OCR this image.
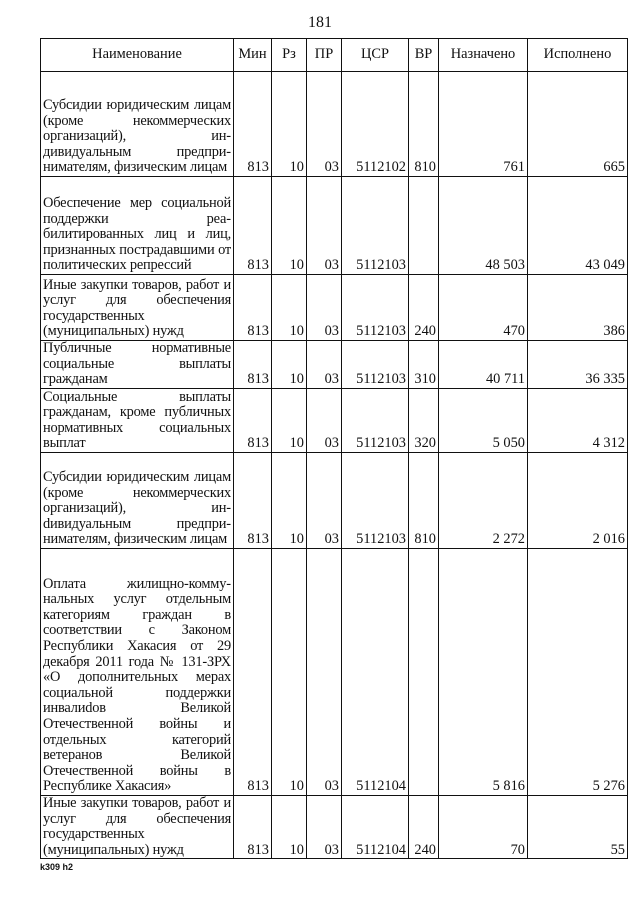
181
Наименование	Мин	Рз	ПР	ЦСР	ВР	Назначено	Исполнено
Субсидии юридическим лицам (кроме некоммерческих организаций), индивидуальным предпринимателям, физическим лицам	813	10	03	5112102	810	761	665
Обеспечение мер социальной поддержки реабилитированных лиц и лиц, признанных пострадавшими от политических репрессий	813	10	03	5112103		48 503	43 049
Иные закупки товаров, работ и услуг для обеспечения государственных (муниципальных) нужд	813	10	03	5112103	240	470	386
Публичные нормативные социальные выплаты гражданам	813	10	03	5112103	310	40 711	36 335
Социальные выплаты гражданам, кроме публичных нормативных социальных выплат	813	10	03	5112103	320	5 050	4 312
Субсидии юридическим лицам (кроме некоммерческих организаций), инdивидуальным предпринимателям, физическим лицам	813	10	03	5112103	810	2 272	2 016
Оплата жилищно-коммунальных услуг отдельным категориям граждан в соответствии с Законом Республики Хакасия от 29 декабря 2011 года № 131-ЗРХ «О дополнительных мерах социальной поддержки инвалиdов Великой Отечественной войны и отдельных категорий ветеранов Великой Отечественной войны в Республике Хакасия»	813	10	03	5112104		5 816	5 276
Иные закупки товаров, работ и услуг для обеспечения государственных (муниципальных) нужд	813	10	03	5112104	240	70	55
k309 h2
